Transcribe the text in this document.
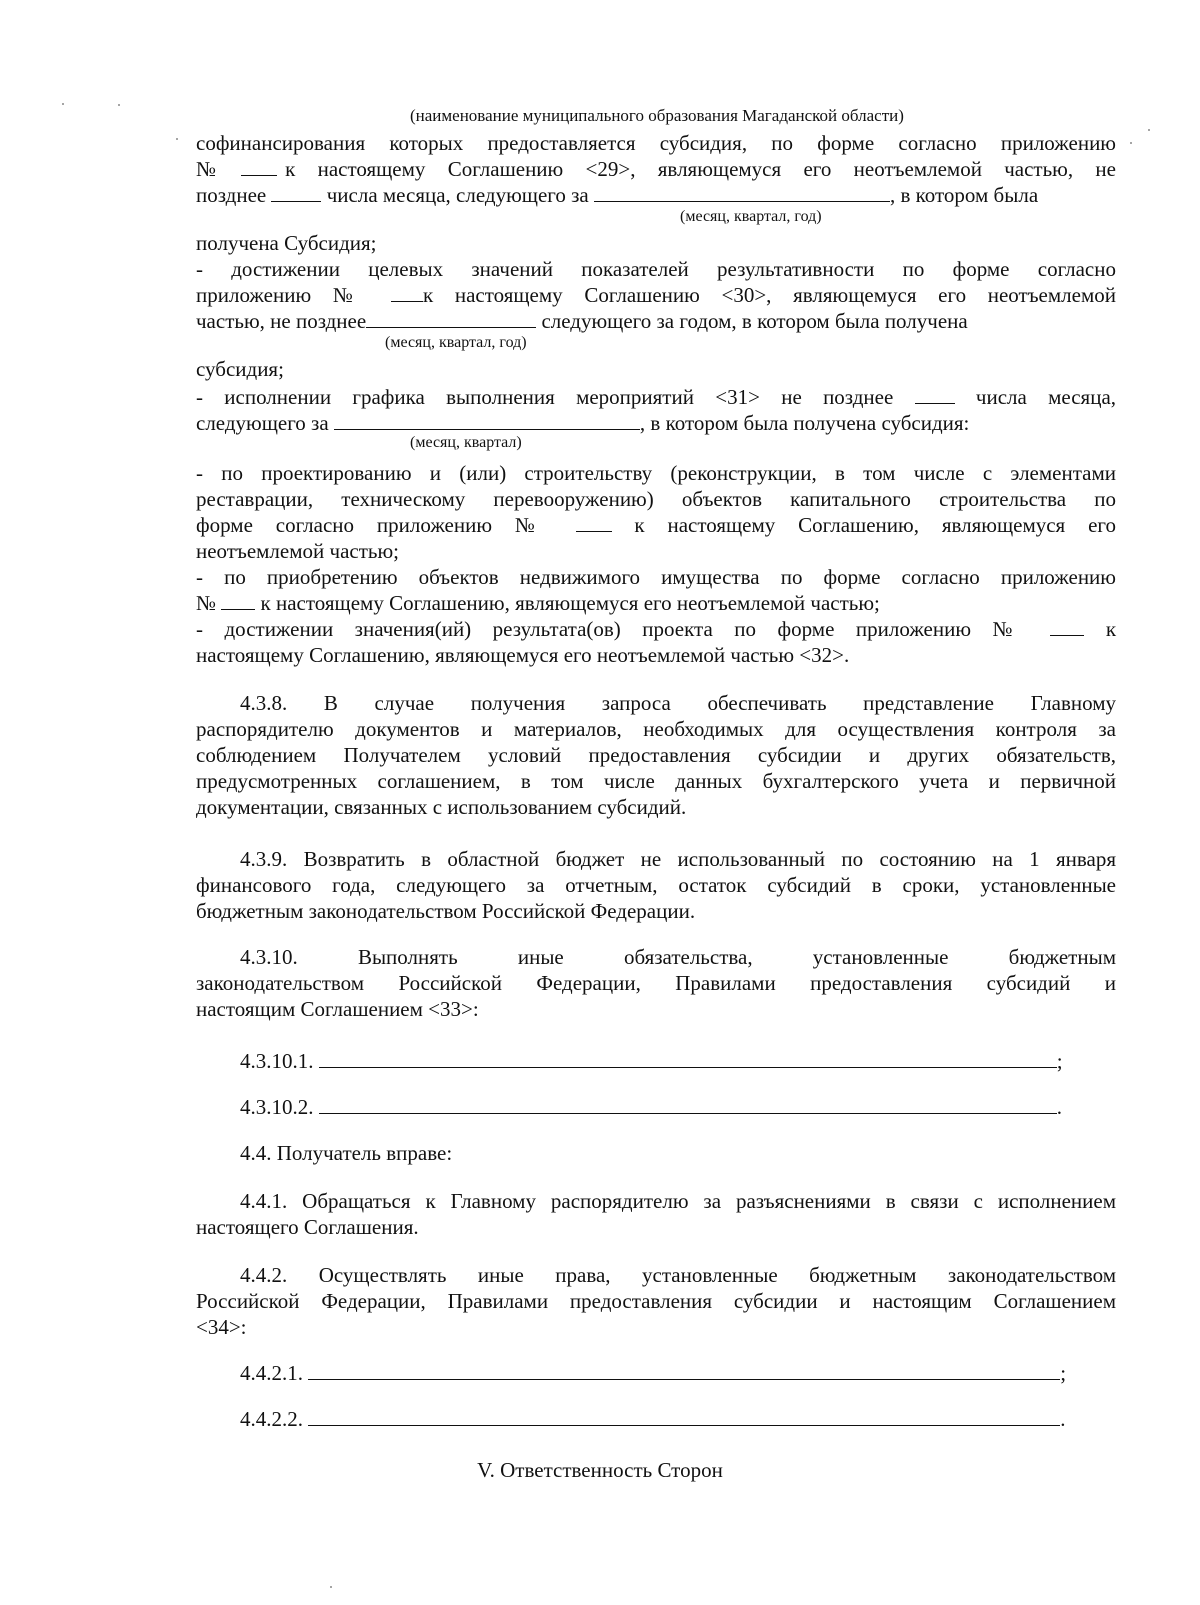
(наименование муниципального образования Магаданской области)
софинансирования которых предоставляется субсидия, по форме согласно приложению
№ к настоящему Соглашению <29>, являющемуся его неотъемлемой частью, не
позднее	числа месяца, следующего за	, в котором была
(месяц, квартал, год)
получена Субсидия;
- достижении целевых значений показателей результативности по форме согласно
приложению №	к настоящему Соглашению <30>, являющемуся его неотъемлемой
частью, не позднее	следующего за годом, в котором была получена
(месяц, квартал, год)
субсидия;
- исполнении графика выполнения мероприятий <31> не позднее	числа месяца,
следующего за	, в котором была получена субсидия:
(месяц, квартал)
- по проектированию и (или) строительству (реконструкции, в том числе с элементами
реставрации, техническому перевооружению) объектов капитального строительства по
форме согласно приложению №	к настоящему Соглашению, являющемуся его
неотъемлемой частью;
- по приобретению объектов недвижимого имущества по форме согласно приложению
№ к настоящему Соглашению, являющемуся его неотъемлемой частью;
- достижении значения(ий) результата(ов) проекта по форме приложению №	к
настоящему Соглашению, являющемуся его неотъемлемой частью <32>.
4.3.8. В случае получения запроса обеспечивать представление Главному
распорядителю документов и материалов, необходимых для осуществления контроля за
соблюдением Получателем условий предоставления субсидии и других обязательств,
предусмотренных соглашением, в том числе данных бухгалтерского учета и первичной
документации, связанных с использованием субсидий.
4.3.9. Возвратить в областной бюджет не использованный по состоянию на 1 января
финансового года, следующего за отчетным, остаток субсидий в сроки, установленные
бюджетным законодательством Российской Федерации.
4.3.10. Выполнять иные обязательства, установленные бюджетным
законодательством Российской Федерации, Правилами предоставления субсидий и
настоящим Соглашением <33>:
4.3.10.1.	;
4.3.10.2.	.
4.4. Получатель вправе:
4.4.1. Обращаться к Главному распорядителю за разъяснениями в связи с исполнением
настоящего Соглашения.
4.4.2. Осуществлять иные права, установленные бюджетным законодательством
Российской Федерации, Правилами предоставления субсидии и настоящим Соглашением
<34>:
4.4.2.1.	;
4.4.2.2.	.
V. Ответственность Сторон
